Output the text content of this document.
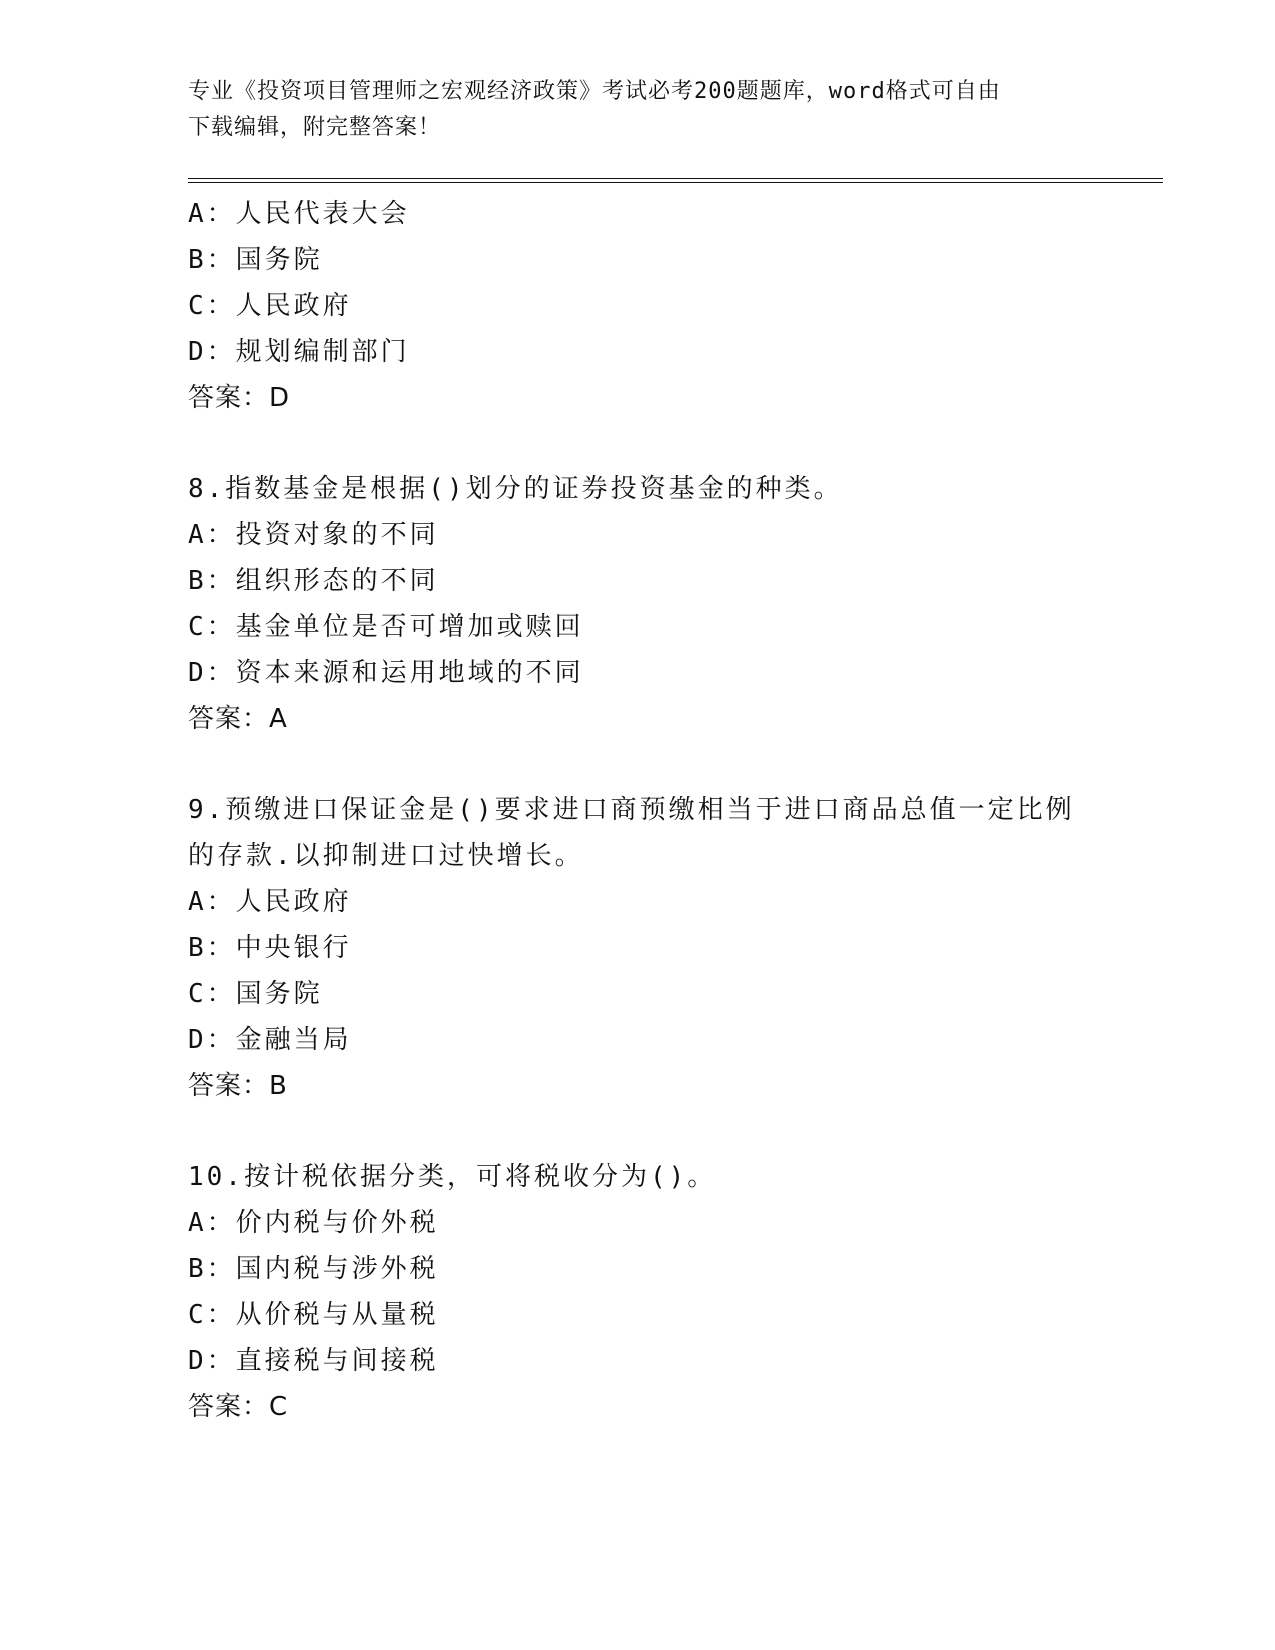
专业《投资项目管理师之宏观经济政策》考试必考200题题库，word格式可自由
下载编辑，附完整答案！
A：人民代表大会
B：国务院
C：人民政府
D：规划编制部门
答案：D
8.指数基金是根据()划分的证券投资基金的种类。
A：投资对象的不同
B：组织形态的不同
C：基金单位是否可增加或赎回
D：资本来源和运用地域的不同
答案：A
9.预缴进口保证金是()要求进口商预缴相当于进口商品总值一定比例
的存款.以抑制进口过快增长。
A：人民政府
B：中央银行
C：国务院
D：金融当局
答案：B
10.按计税依据分类，可将税收分为()。
A：价内税与价外税
B：国内税与涉外税
C：从价税与从量税
D：直接税与间接税
答案：C
